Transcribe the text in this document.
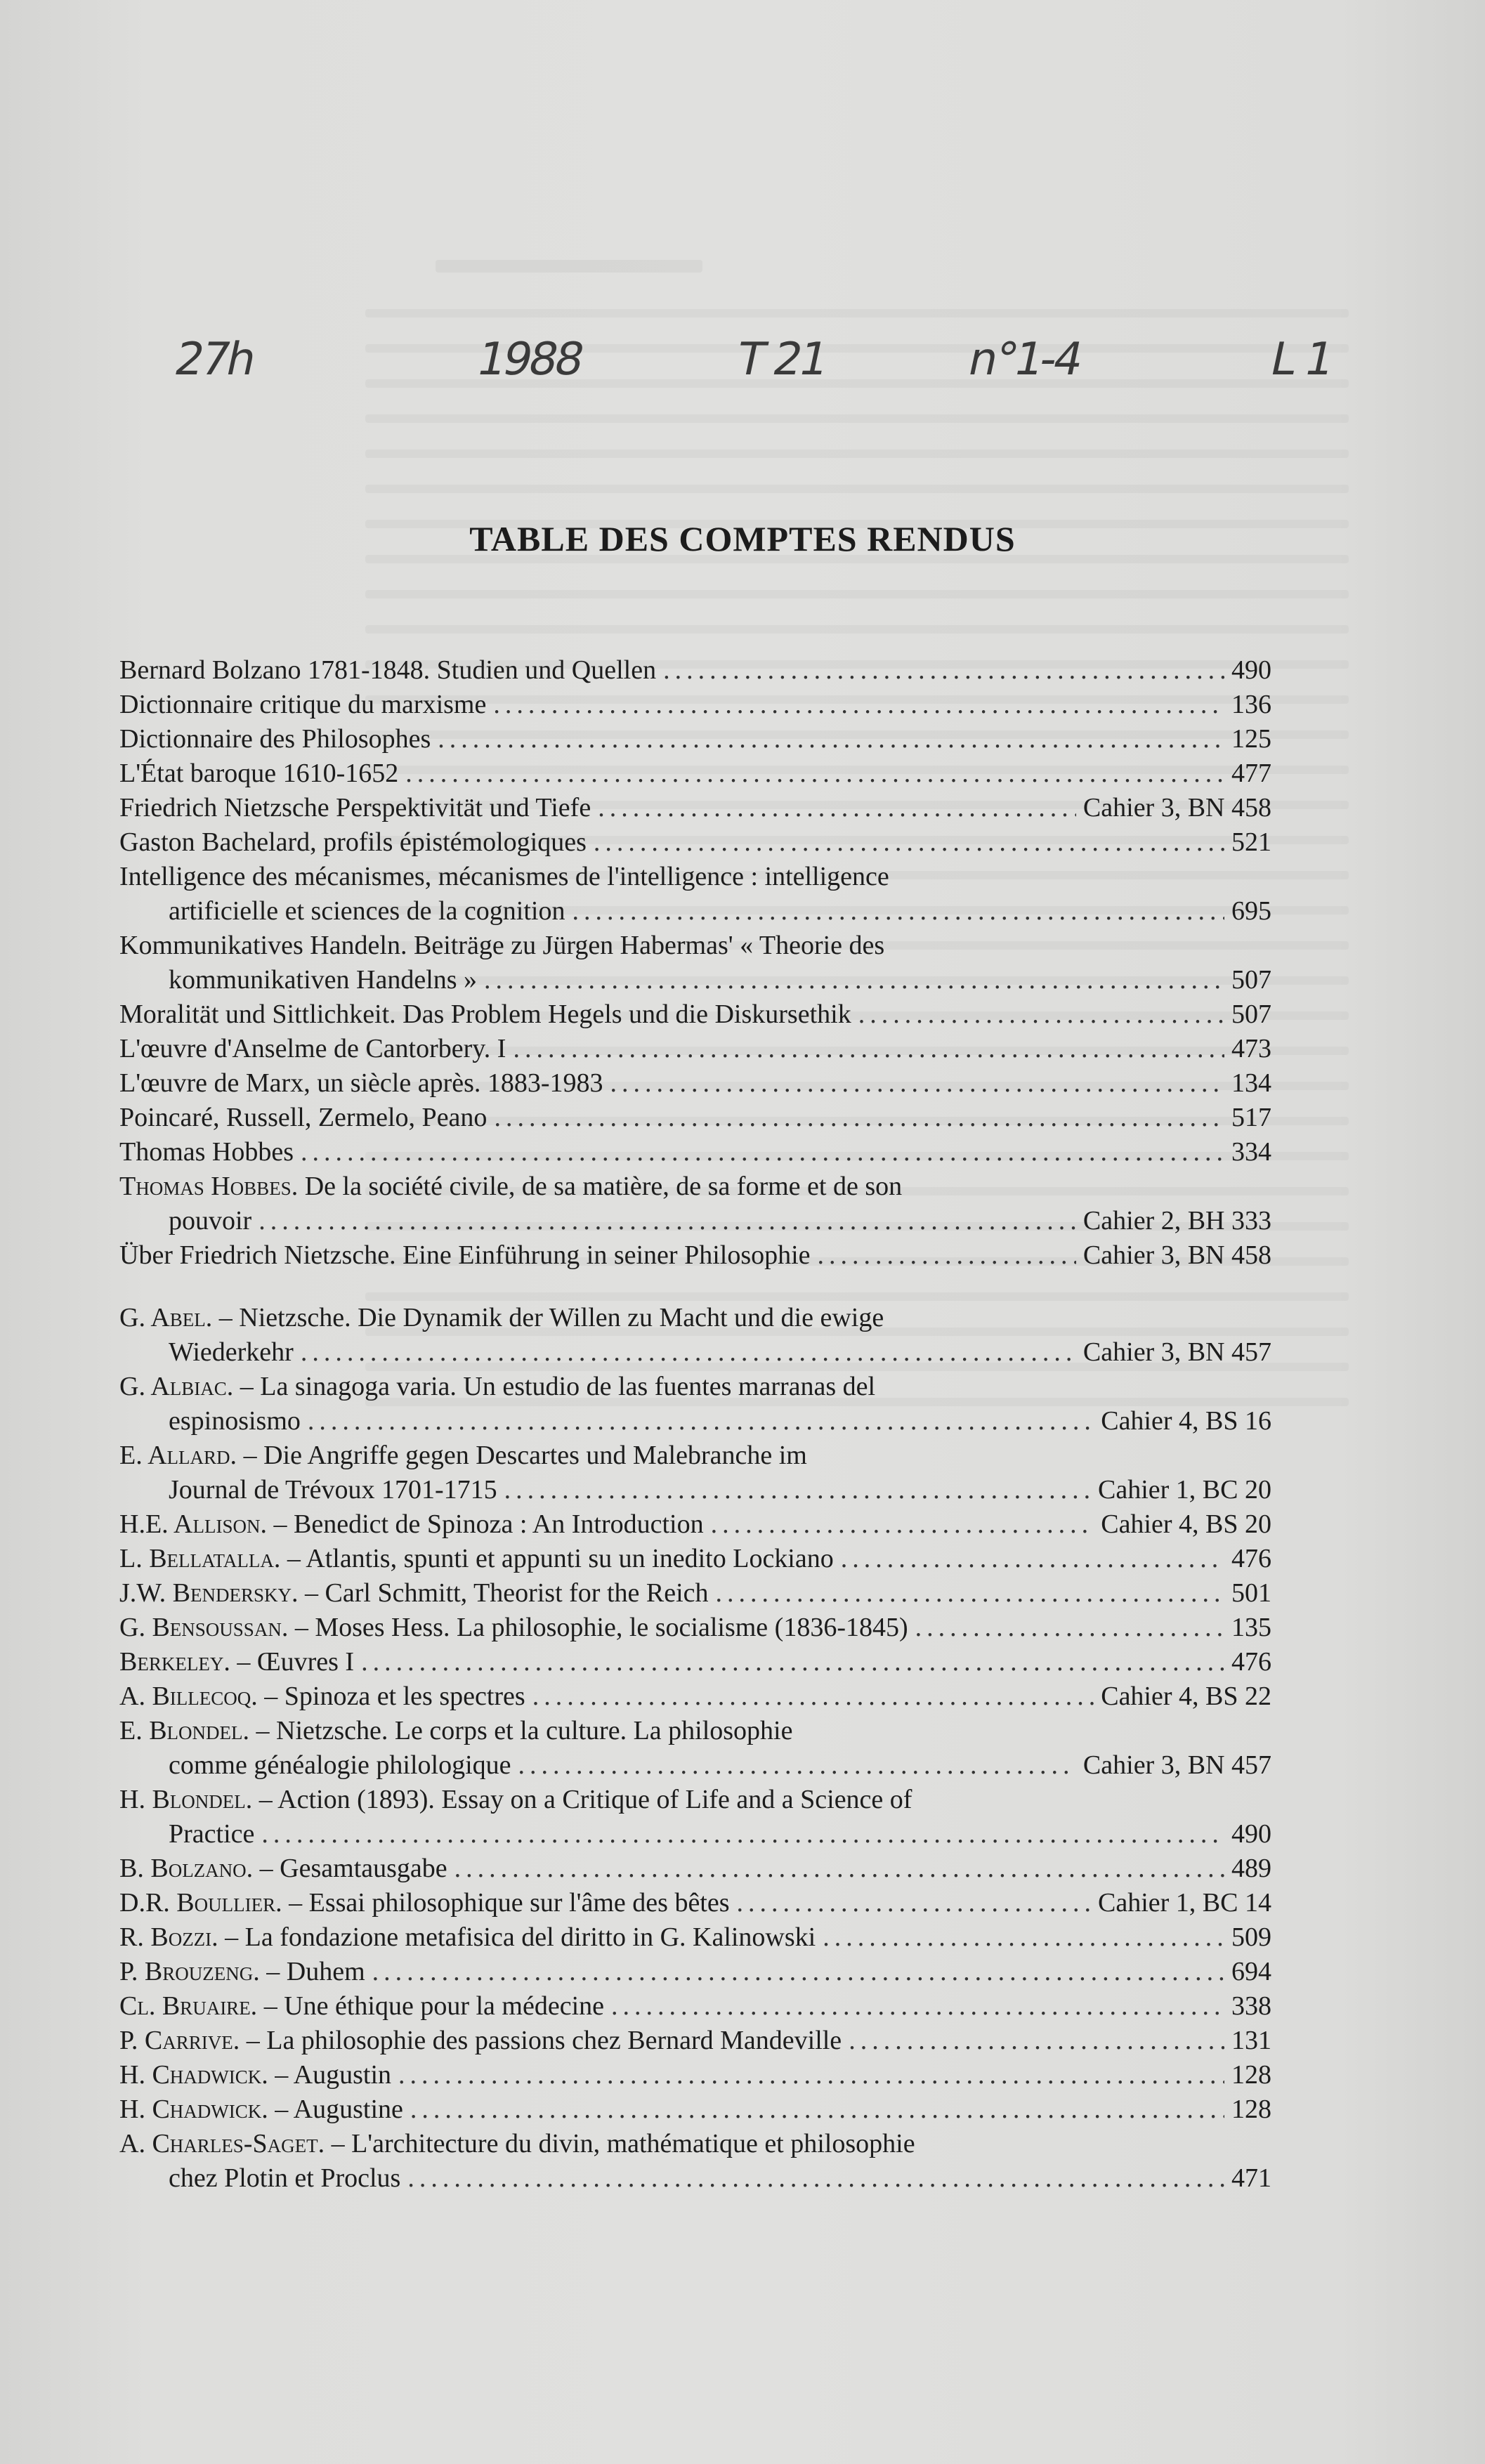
27h	1988	T 21	n°1-4	L 1
TABLE DES COMPTES RENDUS
Bernard Bolzano 1781-1848. Studien und Quellen .....	490
Dictionnaire critique du marxisme .....	136
Dictionnaire des Philosophes .....	125
L'État baroque 1610-1652 .....	477
Friedrich Nietzsche Perspektivität und Tiefe .....	Cahier 3, BN 458
Gaston Bachelard, profils épistémologiques .....	521
Intelligence des mécanismes, mécanismes de l'intelligence : intelligence
artificielle et sciences de la cognition .....	695
Kommunikatives Handeln. Beiträge zu Jürgen Habermas' « Theorie des
kommunikativen Handelns » .....	507
Moralität und Sittlichkeit. Das Problem Hegels und die Diskursethik .....	507
L'œuvre d'Anselme de Cantorbery. I .....	473
L'œuvre de Marx, un siècle après. 1883-1983 .....	134
Poincaré, Russell, Zermelo, Peano .....	517
Thomas Hobbes .....	334
Thomas Hobbes. De la société civile, de sa matière, de sa forme et de son
pouvoir .....	Cahier 2, BH 333
Über Friedrich Nietzsche. Eine Einführung in seiner Philosophie .....	Cahier 3, BN 458
G. Abel. – Nietzsche. Die Dynamik der Willen zu Macht und die ewige
Wiederkehr .....	Cahier 3, BN 457
G. Albiac. – La sinagoga varia. Un estudio de las fuentes marranas del
espinosismo .....	Cahier 4, BS 16
E. Allard. – Die Angriffe gegen Descartes und Malebranche im
Journal de Trévoux 1701-1715 .....	Cahier 1, BC 20
H.E. Allison. – Benedict de Spinoza : An Introduction .....	Cahier 4, BS 20
L. Bellatalla. – Atlantis, spunti et appunti su un inedito Lockiano .....	476
J.W. Bendersky. – Carl Schmitt, Theorist for the Reich .....	501
G. Bensoussan. – Moses Hess. La philosophie, le socialisme (1836-1845) .....	135
Berkeley. – Œuvres I .....	476
A. Billecoq. – Spinoza et les spectres .....	Cahier 4, BS 22
E. Blondel. – Nietzsche. Le corps et la culture. La philosophie
comme généalogie philologique .....	Cahier 3, BN 457
H. Blondel. – Action (1893). Essay on a Critique of Life and a Science of
Practice .....	490
B. Bolzano. – Gesamtausgabe .....	489
D.R. Boullier. – Essai philosophique sur l'âme des bêtes .....	Cahier 1, BC 14
R. Bozzi. – La fondazione metafisica del diritto in G. Kalinowski .....	509
P. Brouzeng. – Duhem .....	694
Cl. Bruaire. – Une éthique pour la médecine .....	338
P. Carrive. – La philosophie des passions chez Bernard Mandeville .....	131
H. Chadwick. – Augustin .....	128
H. Chadwick. – Augustine .....	128
A. Charles-Saget. – L'architecture du divin, mathématique et philosophie
chez Plotin et Proclus .....	471
